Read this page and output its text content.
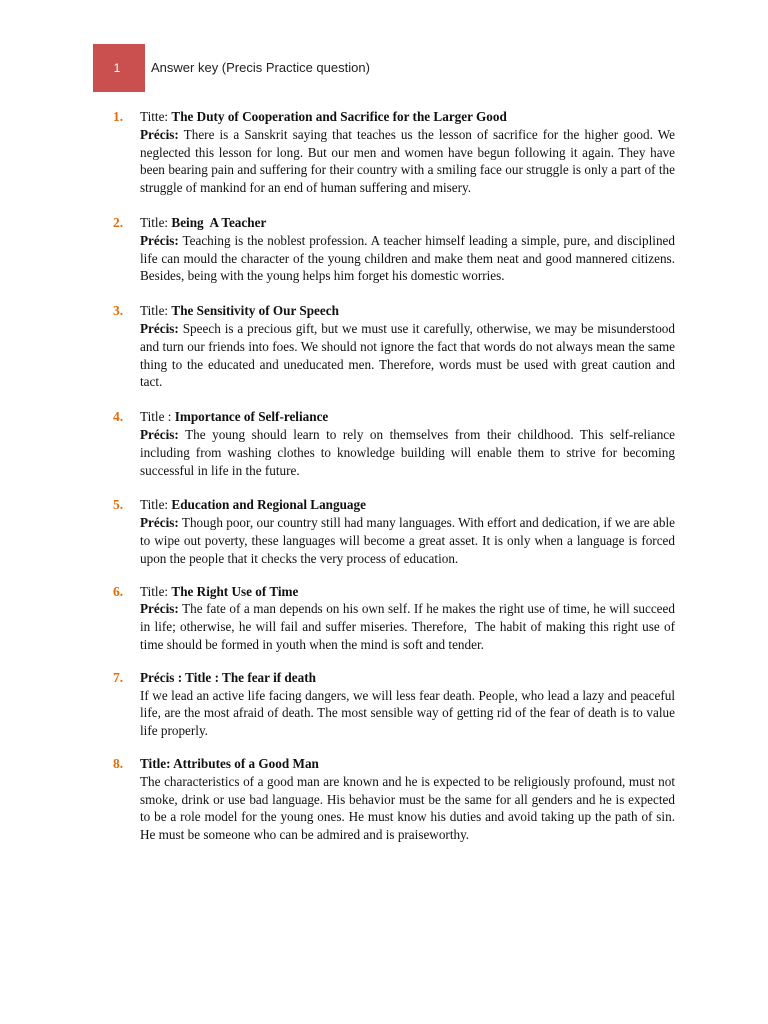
1 Answer key (Precis Practice question)
1.	Titte: The Duty of Cooperation and Sacrifice for the Larger Good

Précis: There is a Sanskrit saying that teaches us the lesson of sacrifice for the higher good. We neglected this lesson for long. But our men and women have begun following it again. They have been bearing pain and suffering for their country with a smiling face our struggle is only a part of the struggle of mankind for an end of human suffering and misery.

2.	Title: Being  A Teacher

Précis: Teaching is the noblest profession. A teacher himself leading a simple, pure, and disciplined life can mould the character of the young children and make them neat and good mannered citizens. Besides, being with the young helps him forget his domestic worries.

3.	Title: The Sensitivity of Our Speech

Précis: Speech is a precious gift, but we must use it carefully, otherwise, we may be misunderstood and turn our friends into foes. We should not ignore the fact that words do not always mean the same thing to the educated and uneducated men. Therefore, words must be used with great caution and tact.

4.	Title : Importance of Self-reliance

Précis: The young should learn to rely on themselves from their childhood. This self-reliance including from washing clothes to knowledge building will enable them to strive for becoming successful in life in the future.

5.	Title: Education and Regional Language

Précis: Though poor, our country still had many languages. With effort and dedication, if we are able to wipe out poverty, these languages will become a great asset. It is only when a language is forced upon the people that it checks the very process of education.

6.	Title: The Right Use of Time

Précis: The fate of a man depends on his own self. If he makes the right use of time, he will succeed in life; otherwise, he will fail and suffer miseries. Therefore,  The habit of making this right use of time should be formed in youth when the mind is soft and tender.

7.	Précis : Title : The fear if death

If we lead an active life facing dangers, we will less fear death. People, who lead a lazy and peaceful life, are the most afraid of death. The most sensible way of getting rid of the fear of death is to value life properly.

8.	Title: Attributes of a Good Man

The characteristics of a good man are known and he is expected to be religiously profound, must not smoke, drink or use bad language. His behavior must be the same for all genders and he is expected to be a role model for the young ones. He must know his duties and avoid taking up the path of sin. He must be someone who can be admired and is praiseworthy.
